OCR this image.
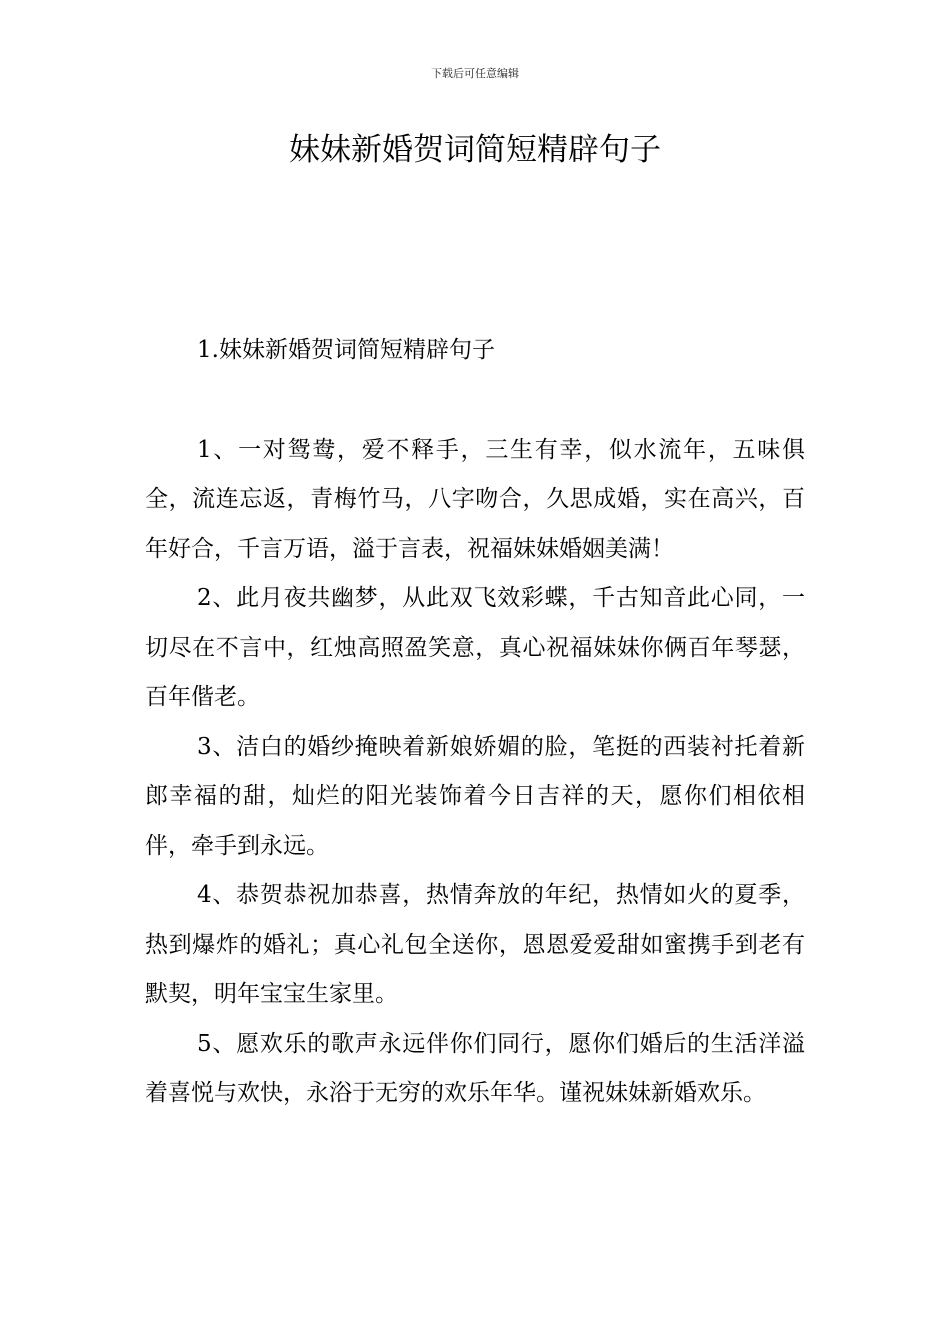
下载后可任意编辑
妹妹新婚贺词简短精辟句子

1.妹妹新婚贺词简短精辟句子

1、一对鸳鸯，爱不释手，三生有幸，似水流年，五味俱全，流连忘返，青梅竹马，八字吻合，久思成婚，实在高兴，百年好合，千言万语，溢于言表，祝福妹妹婚姻美满！

2、此月夜共幽梦，从此双飞效彩蝶，千古知音此心同，一切尽在不言中，红烛高照盈笑意，真心祝福妹妹你俩百年琴瑟，百年偕老。

3、洁白的婚纱掩映着新娘娇媚的脸，笔挺的西装衬托着新郎幸福的甜，灿烂的阳光装饰着今日吉祥的天，愿你们相依相伴，牵手到永远。

4、恭贺恭祝加恭喜，热情奔放的年纪，热情如火的夏季，热到爆炸的婚礼；真心礼包全送你，恩恩爱爱甜如蜜携手到老有默契，明年宝宝生家里。

5、愿欢乐的歌声永远伴你们同行，愿你们婚后的生活洋溢着喜悦与欢快，永浴于无穷的欢乐年华。谨祝妹妹新婚欢乐。
